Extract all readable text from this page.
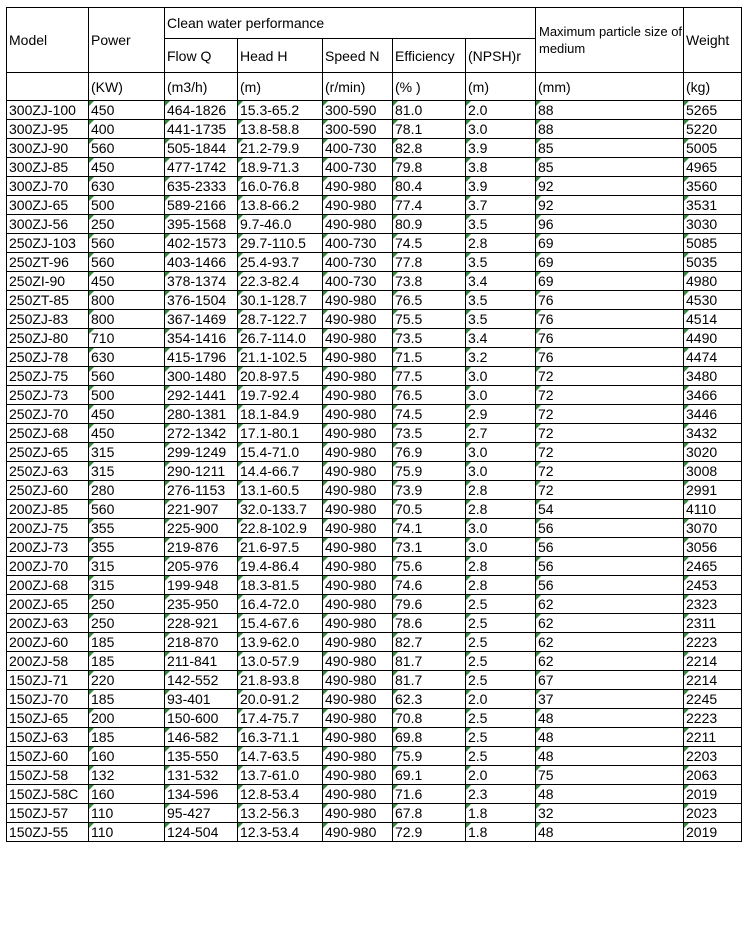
Model	Power	Clean water performance					Maximum particle size of medium	Weight
		Flow Q	Head H	Speed N	Efficiency	(NPSH)r		
	(KW)	(m3/h)	(m)	(r/min)	(% )	(m)	(mm)	(kg)
300ZJ-100	450	464-1826	15.3-65.2	300-590	81.0	2.0	88	5265
300ZJ-95	400	441-1735	13.8-58.8	300-590	78.1	3.0	88	5220
300ZJ-90	560	505-1844	21.2-79.9	400-730	82.8	3.9	85	5005
300ZJ-85	450	477-1742	18.9-71.3	400-730	79.8	3.8	85	4965
300ZJ-70	630	635-2333	16.0-76.8	490-980	80.4	3.9	92	3560
300ZJ-65	500	589-2166	13.8-66.2	490-980	77.4	3.7	92	3531
300ZJ-56	250	395-1568	9.7-46.0	490-980	80.9	3.5	96	3030
250ZJ-103	560	402-1573	29.7-110.5	400-730	74.5	2.8	69	5085
250ZT-96	560	403-1466	25.4-93.7	400-730	77.8	3.5	69	5035
250ZI-90	450	378-1374	22.3-82.4	400-730	73.8	3.4	69	4980
250ZT-85	800	376-1504	30.1-128.7	490-980	76.5	3.5	76	4530
250ZJ-83	800	367-1469	28.7-122.7	490-980	75.5	3.5	76	4514
250ZJ-80	710	354-1416	26.7-114.0	490-980	73.5	3.4	76	4490
250ZJ-78	630	415-1796	21.1-102.5	490-980	71.5	3.2	76	4474
250ZJ-75	560	300-1480	20.8-97.5	490-980	77.5	3.0	72	3480
250ZJ-73	500	292-1441	19.7-92.4	490-980	76.5	3.0	72	3466
250ZJ-70	450	280-1381	18.1-84.9	490-980	74.5	2.9	72	3446
250ZJ-68	450	272-1342	17.1-80.1	490-980	73.5	2.7	72	3432
250ZJ-65	315	299-1249	15.4-71.0	490-980	76.9	3.0	72	3020
250ZJ-63	315	290-1211	14.4-66.7	490-980	75.9	3.0	72	3008
250ZJ-60	280	276-1153	13.1-60.5	490-980	73.9	2.8	72	2991
200ZJ-85	560	221-907	32.0-133.7	490-980	70.5	2.8	54	4110
200ZJ-75	355	225-900	22.8-102.9	490-980	74.1	3.0	56	3070
200ZJ-73	355	219-876	21.6-97.5	490-980	73.1	3.0	56	3056
200ZJ-70	315	205-976	19.4-86.4	490-980	75.6	2.8	56	2465
200ZJ-68	315	199-948	18.3-81.5	490-980	74.6	2.8	56	2453
200ZJ-65	250	235-950	16.4-72.0	490-980	79.6	2.5	62	2323
200ZJ-63	250	228-921	15.4-67.6	490-980	78.6	2.5	62	2311
200ZJ-60	185	218-870	13.9-62.0	490-980	82.7	2.5	62	2223
200ZJ-58	185	211-841	13.0-57.9	490-980	81.7	2.5	62	2214
150ZJ-71	220	142-552	21.8-93.8	490-980	81.7	2.5	67	2214
150ZJ-70	185	93-401	20.0-91.2	490-980	62.3	2.0	37	2245
150ZJ-65	200	150-600	17.4-75.7	490-980	70.8	2.5	48	2223
150ZJ-63	185	146-582	16.3-71.1	490-980	69.8	2.5	48	2211
150ZJ-60	160	135-550	14.7-63.5	490-980	75.9	2.5	48	2203
150ZJ-58	132	131-532	13.7-61.0	490-980	69.1	2.0	75	2063
150ZJ-58C	160	134-596	12.8-53.4	490-980	71.6	2.3	48	2019
150ZJ-57	110	95-427	13.2-56.3	490-980	67.8	1.8	32	2023
150ZJ-55	110	124-504	12.3-53.4	490-980	72.9	1.8	48	2019
